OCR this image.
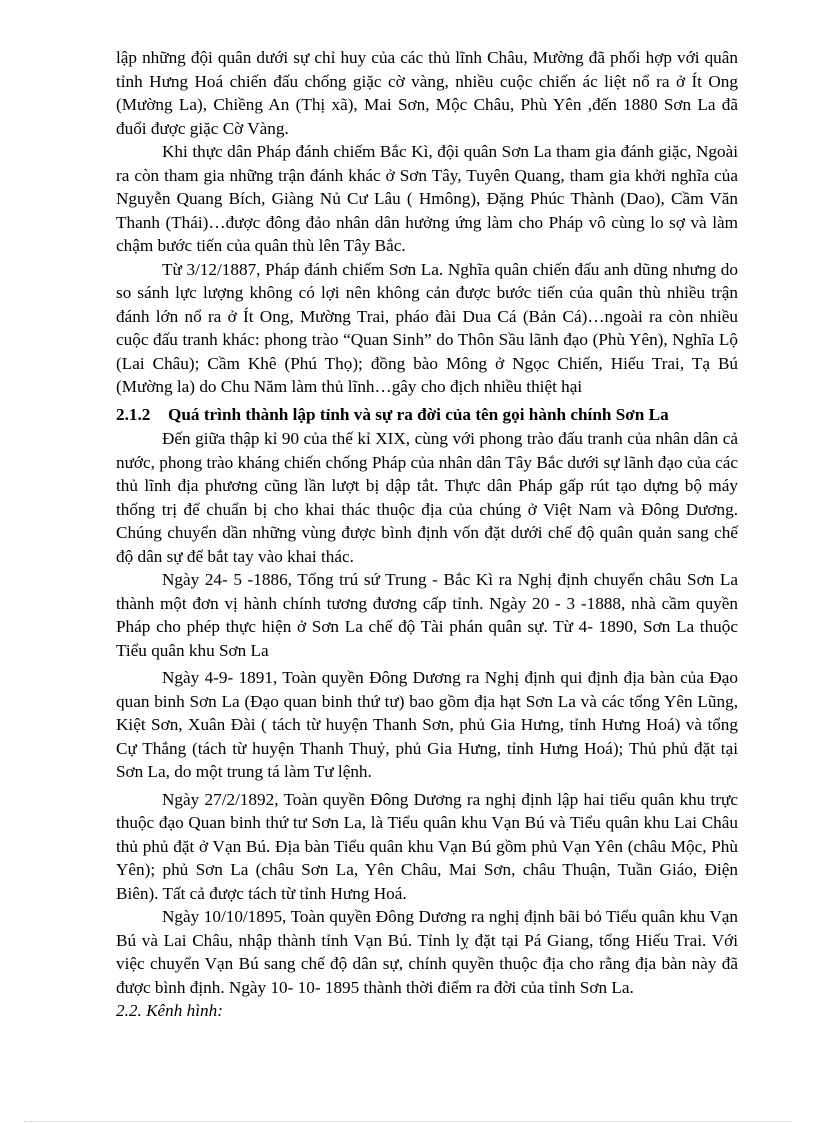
lập những đội quân dưới sự chỉ huy của các thủ lĩnh Châu, Mường đã phối hợp với quân tỉnh Hưng Hoá chiến đấu chống giặc cờ vàng, nhiều cuộc chiến ác liệt nổ ra ở Ít Ong (Mường La), Chiềng An (Thị xã), Mai Sơn, Mộc Châu, Phù Yên ,đến 1880 Sơn La đã đuổi được giặc Cờ Vàng.

Khi thực dân Pháp đánh chiếm Bắc Kì, đội quân Sơn La tham gia đánh giặc, Ngoài ra còn tham gia những trận đánh khác ở Sơn Tây, Tuyên Quang, tham gia khởi nghĩa của Nguyễn Quang Bích, Giàng Nủ Cư Lâu ( Hmông), Đặng Phúc Thành (Dao), Cầm Văn Thanh (Thái)…được đông đảo nhân dân hưởng ứng làm cho Pháp vô cùng lo sợ và làm chậm bước tiến của quân thù lên Tây Bắc.

Từ 3/12/1887, Pháp đánh chiếm Sơn La. Nghĩa quân chiến đấu anh dũng nhưng do so sánh lực lượng không có lợi nên không cản được bước tiến của quân thù nhiều trận đánh lớn nổ ra ở Ít Ong, Mường Trai, pháo đài Dua Cá (Bản Cá)…ngoài ra còn nhiều cuộc đấu tranh khác: phong trào “Quan Sinh” do Thôn Sầu lãnh đạo (Phù Yên), Nghĩa Lộ (Lai Châu); Cầm Khê (Phú Thọ); đồng bào Mông ở Ngọc Chiến, Hiếu Trai, Tạ Bú (Mường la) do Chu Năm làm thủ lĩnh…gây cho địch nhiều thiệt hại

2.1.2 Quá trình thành lập tỉnh và sự ra đời của tên gọi hành chính Sơn La

Đến giữa thập kỉ 90 của thế kỉ XIX, cùng với phong trào đấu tranh của nhân dân cả nước, phong trào kháng chiến chống Pháp của nhân dân Tây Bắc dưới sự lãnh đạo của các thủ lĩnh địa phương cũng lần lượt bị dập tắt. Thực dân Pháp gấp rút tạo dựng bộ máy thống trị để chuẩn bị cho khai thác thuộc địa của chúng ở Việt Nam và Đông Dương. Chúng chuyển dần những vùng được bình định vốn đặt dưới chế độ quân quản sang chế độ dân sự để bắt tay vào khai thác.

Ngày 24- 5 -1886, Tổng trú sứ Trung - Bắc Kì ra Nghị định chuyển châu Sơn La thành một đơn vị hành chính tương đương cấp tỉnh. Ngày 20 - 3 -1888, nhà cầm quyền Pháp cho phép thực hiện ở Sơn La chế độ Tài phán quân sự. Từ 4- 1890, Sơn La thuộc Tiểu quân khu Sơn La

Ngày 4-9- 1891, Toàn quyền Đông Dương ra Nghị định qui định địa bàn của Đạo quan binh Sơn La (Đạo quan binh thứ tư) bao gồm địa hạt Sơn La và các tổng Yên Lũng, Kiệt Sơn, Xuân Đài ( tách từ huyện Thanh Sơn, phủ Gia Hưng, tỉnh Hưng Hoá) và tổng Cự Thắng (tách từ huyện Thanh Thuỷ, phủ Gia Hưng, tỉnh Hưng Hoá); Thủ phủ đặt tại Sơn La, do một trung tá làm Tư lệnh.

Ngày 27/2/1892, Toàn quyền Đông Dương ra nghị định lập hai tiểu quân khu trực thuộc đạo Quan binh thứ tư Sơn La, là Tiểu quân khu Vạn Bú và Tiểu quân khu Lai Châu thủ phủ đặt ở Vạn Bú. Địa bàn Tiểu quân khu Vạn Bú gồm phủ Vạn Yên (châu Mộc, Phù Yên); phủ Sơn La (châu Sơn La, Yên Châu, Mai Sơn, châu Thuận, Tuần Giáo, Điện Biên). Tất cả được tách từ tỉnh Hưng Hoá.

Ngày 10/10/1895, Toàn quyền Đông Dương ra nghị định bãi bỏ Tiểu quân khu Vạn Bú và Lai Châu, nhập thành tỉnh Vạn Bú. Tỉnh lỵ đặt tại Pá Giang, tổng Hiếu Trai. Với việc chuyển Vạn Bú sang chế độ dân sự, chính quyền thuộc địa cho rằng địa bàn này đã được bình định. Ngày 10- 10- 1895 thành thời điểm ra đời của tỉnh Sơn La.

2.2. Kênh hình:
